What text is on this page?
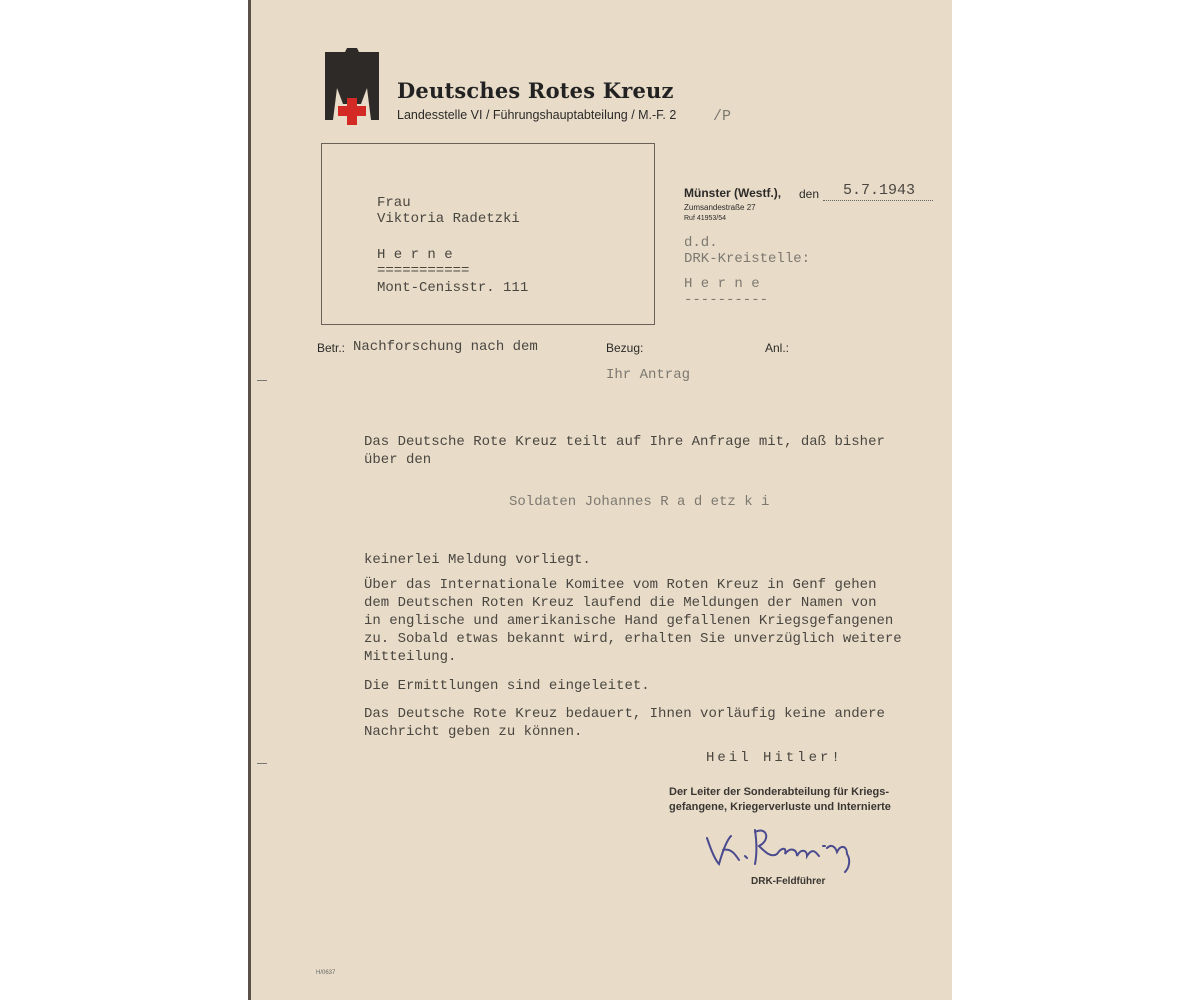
Deutsches Rotes Kreuz
Landesstelle VI / Führungshauptabteilung / M.-F. 2 /P
Frau
Viktoria Radetzki
H e r n e
===========
Mont-Cenisstr. 111
Münster (Westf.), den 5.7.1943
Zumsandestraße 27
Ruf 41953/54
d.d.
DRK-Kreistelle:
H e r n e
----------
Betr.: Nachforschung nach dem	Bezug:
Ihr Antrag
Anl.:
Das Deutsche Rote Kreuz teilt auf Ihre Anfrage mit, daß bisher
über den
Soldaten Johannes R a d etz k i
keinerlei Meldung vorliegt.
Über das Internationale Komitee vom Roten Kreuz in Genf gehen
dem Deutschen Roten Kreuz laufend die Meldungen der Namen von
in englische und amerikanische Hand gefallenen Kriegsgefangenen
zu. Sobald etwas bekannt wird, erhalten Sie unverzüglich weitere
Mitteilung.
Die Ermittlungen sind eingeleitet.
Das Deutsche Rote Kreuz bedauert, Ihnen vorläufig keine andere
Nachricht geben zu können.
Heil Hitler!
Der Leiter der Sonderabteilung für Kriegs-
gefangene, Kriegerverluste und Internierte
DRK-Feldführer
H/0637
